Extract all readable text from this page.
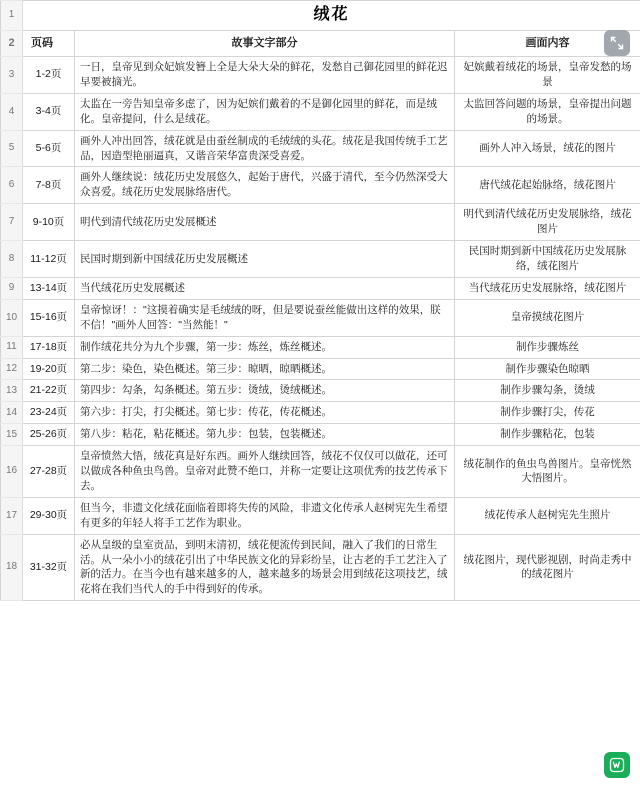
1	绒花		
2	页码	故事文字部分	画面内容
3	1-2页	一日，皇帝见到众妃嫔发簪上全是大朵大朵的鲜花，发愁自己御花园里的鲜花迟早要被摘光。	妃嫔戴着绒花的场景，皇帝发愁的场景
4	3-4页	太监在一旁告知皇帝多虑了，因为妃嫔们戴着的不是御化园里的鲜花，而是绒化。皇帝提问，什么是绒花。	太监回答问题的场景，皇帝提出问题的场景。
5	5-6页	画外人冲出回答，绒花就是由蚕丝制成的毛绒绒的头花。绒花是我国传统手工艺品，因造型艳丽逼真，又谐音荣华富贵深受喜爱。	画外人冲入场景，绒花的图片
6	7-8页	画外人继续说：绒花历史发展悠久，起始于唐代，兴盛于清代，至今仍然深受大众喜爱。绒花历史发展脉络唐代。	唐代绒花起始脉络，绒花图片
7	9-10页	明代到清代绒花历史发展概述	明代到清代绒花历史发展脉络，绒花图片
8	11-12页	民国时期到新中国绒花历史发展概述	民国时期到新中国绒花历史发展脉络，绒花图片
9	13-14页	当代绒花历史发展概述	当代绒花历史发展脉络，绒花图片
10	15-16页	皇帝惊讶！："这摸着确实是毛绒绒的呀，但是要说蚕丝能做出这样的效果，朕不信！"画外人回答："当然能！"	皇帝摸绒花图片
11	17-18页	制作绒花共分为九个步骤，第一步：炼丝，炼丝概述。	制作步骤炼丝
12	19-20页	第二步：染色，染色概述。第三步：晾晒，晾晒概述。	制作步骤染色晾晒
13	21-22页	第四步：勾条，勾条概述。第五步：烫绒，烫绒概述。	制作步骤勾条，烫绒
14	23-24页	第六步：打尖，打尖概述。第七步：传花，传花概述。	制作步骤打尖，传花
15	25-26页	第八步：粘花，粘花概述。第九步：包装，包装概述。	制作步骤粘花，包装
16	27-28页	皇帝愤然大悟，绒花真是好东西。画外人继续回答，绒花不仅仅可以做花，还可以做成各种鱼虫鸟兽。皇帝对此赞不绝口，并称一定要让这项优秀的技艺传承下去。	绒花制作的鱼虫鸟兽图片。皇帝恍然大悟图片。
17	29-30页	但当今，非遗文化绒花面临着即将失传的风险，非遗文化传承人赵树宪先生希望有更多的年轻人将手工艺作为职业。	绒花传承人赵树宪先生照片
18	31-32页	必从皇级的皇室贡品，到明末清初，绒花便流传到民间，融入了我们的日常生活。从一朵小小的绒花引出了中华民族文化的异彩纷呈，让古老的手工艺注入了新的活力。在当今也有越来越多的人，越来越多的场景会用到绒花这项技艺，绒花将在我们当代人的手中得到好的传承。	绒花图片，现代影视剧，时尚走秀中的绒花图片
